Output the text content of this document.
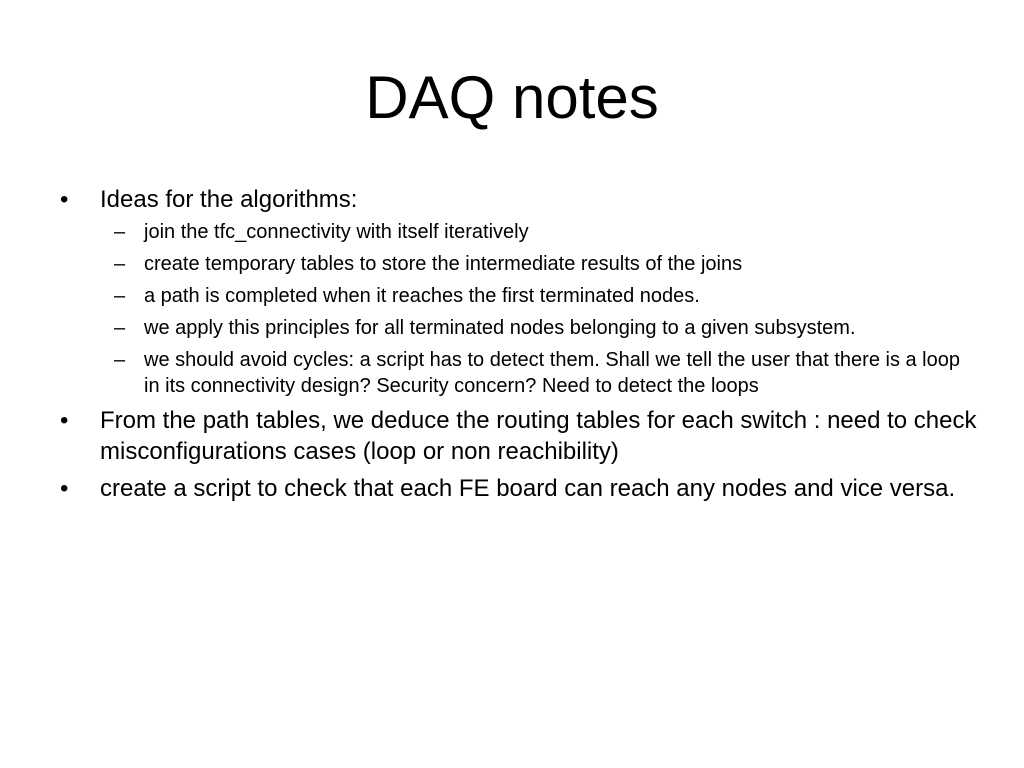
DAQ notes
•	Ideas for the algorithms:
– join the tfc_connectivity with itself iteratively
– create temporary tables to store the intermediate results of the joins
– a path is completed when it reaches the first terminated nodes.
– we apply this principles for all terminated nodes belonging to a given subsystem.
– we should avoid cycles: a script has to detect them. Shall we tell the user that there is a loop in its connectivity design? Security concern? Need to detect the loops
•	From the path tables, we deduce the routing tables for each switch : need to check misconfigurations cases (loop or non reachibility)
•	create a script to check that each FE board can reach any nodes and vice versa.
